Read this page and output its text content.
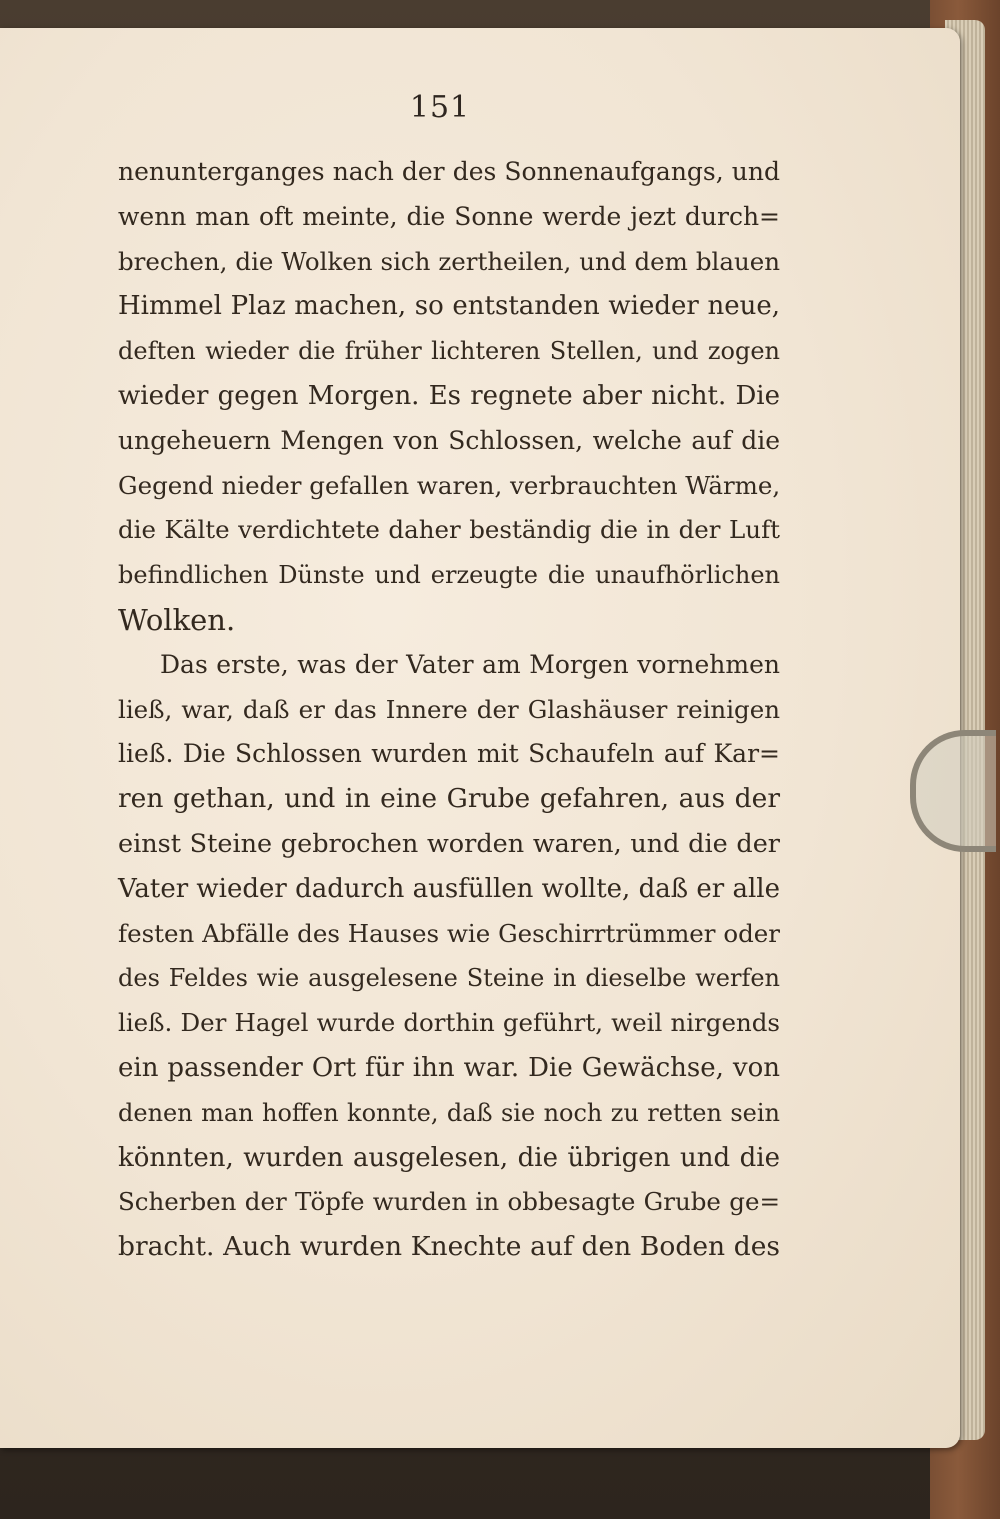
151
nenunterganges nach der des Sonnenaufgangs, und
wenn man oft meinte, die Sonne werde jezt durch=
brechen, die Wolken sich zertheilen, und dem blauen
Himmel Plaz machen, so entstanden wieder neue,
deften wieder die früher lichteren Stellen, und zogen
wieder gegen Morgen. Es regnete aber nicht. Die
ungeheuern Mengen von Schlossen, welche auf die
Gegend nieder gefallen waren, verbrauchten Wärme,
die Kälte verdichtete daher beständig die in der Luft
befindlichen Dünste und erzeugte die unaufhörlichen
Wolken.
Das erste, was der Vater am Morgen vornehmen
ließ, war, daß er das Innere der Glashäuser reinigen
ließ. Die Schlossen wurden mit Schaufeln auf Kar=
ren gethan, und in eine Grube gefahren, aus der
einst Steine gebrochen worden waren, und die der
Vater wieder dadurch ausfüllen wollte, daß er alle
festen Abfälle des Hauses wie Geschirrtrümmer oder
des Feldes wie ausgelesene Steine in dieselbe werfen
ließ. Der Hagel wurde dorthin geführt, weil nirgends
ein passender Ort für ihn war. Die Gewächse, von
denen man hoffen konnte, daß sie noch zu retten sein
könnten, wurden ausgelesen, die übrigen und die
Scherben der Töpfe wurden in obbesagte Grube ge=
bracht. Auch wurden Knechte auf den Boden des
